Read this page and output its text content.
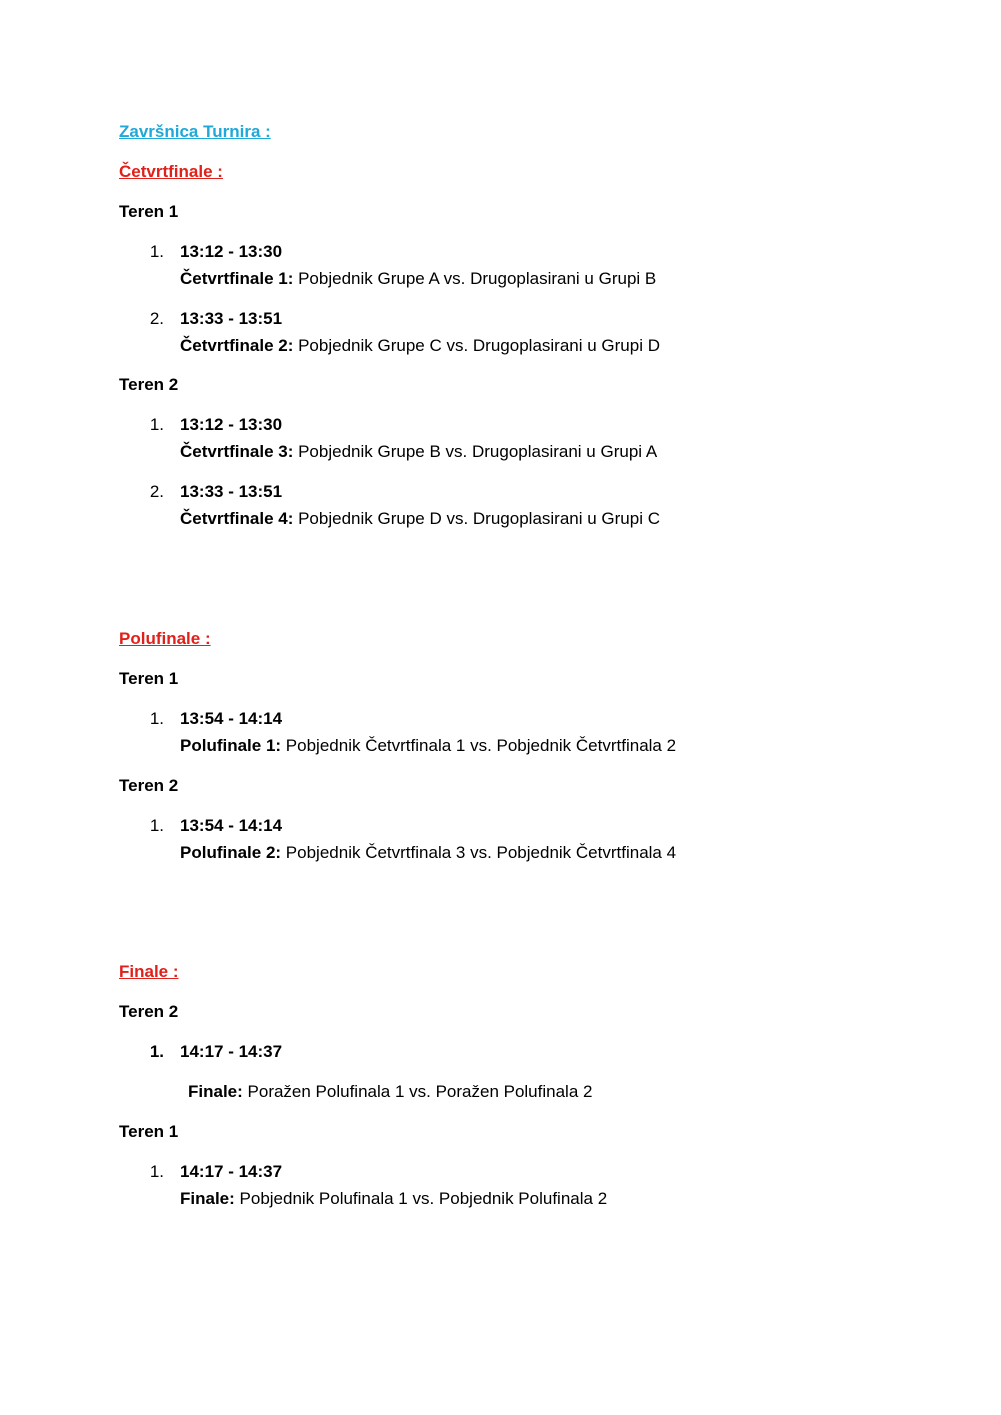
Završnica Turnira :
Četvrtfinale :
Teren 1
1. 13:12 - 13:30
Četvrtfinale 1: Pobjednik Grupe A vs. Drugoplasirani u Grupi B
2. 13:33 - 13:51
Četvrtfinale 2: Pobjednik Grupe C vs. Drugoplasirani u Grupi D
Teren 2
1. 13:12 - 13:30
Četvrtfinale 3: Pobjednik Grupe B vs. Drugoplasirani u Grupi A
2. 13:33 - 13:51
Četvrtfinale 4: Pobjednik Grupe D vs. Drugoplasirani u Grupi C
Polufinale :
Teren 1
1. 13:54 - 14:14
Polufinale 1: Pobjednik Četvrtfinala 1 vs. Pobjednik Četvrtfinala 2
Teren 2
1. 13:54 - 14:14
Polufinale 2: Pobjednik Četvrtfinala 3 vs. Pobjednik Četvrtfinala 4
Finale :
Teren 2
1. 14:17 - 14:37
Finale: Poražen Polufinala 1 vs. Poražen Polufinala 2
Teren 1
1. 14:17 - 14:37
Finale: Pobjednik Polufinala 1 vs. Pobjednik Polufinala 2
